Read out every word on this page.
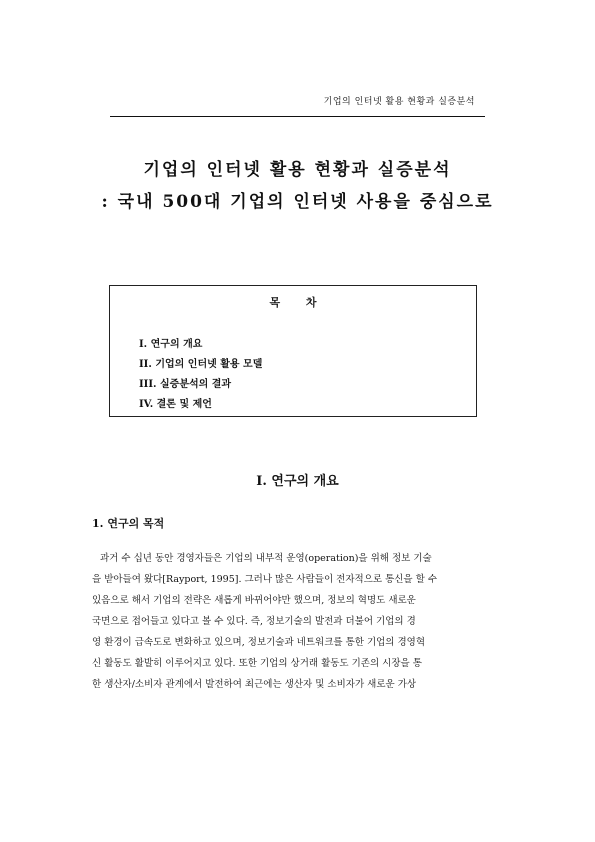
기업의 인터넷 활용 현황과 실증분석
기업의 인터넷 활용 현황과 실증분석
: 국내 500대 기업의 인터넷 사용을 중심으로
목 차
I. 연구의 개요
II. 기업의 인터넷 활용 모델
III. 실증분석의 결과
IV. 결론 및 제언
I. 연구의 개요
1. 연구의 목적
과거 수 십년 동안 경영자들은 기업의 내부적 운영(operation)을 위해 정보 기술
을 받아들여 왔다[Rayport, 1995]. 그러나 많은 사람들이 전자적으로 통신을 할 수
있음으로 해서 기업의 전략은 새롭게 바뀌어야만 했으며, 정보의 혁명도 새로운
국면으로 접어들고 있다고 볼 수 있다. 즉, 정보기술의 발전과 더불어 기업의 경
영 환경이 급속도로 변화하고 있으며, 정보기술과 네트워크를 통한 기업의 경영혁
신 활동도 활발히 이루어지고 있다. 또한 기업의 상거래 활동도 기존의 시장을 통
한 생산자/소비자 관계에서 발전하여 최근에는 생산자 및 소비자가 새로운 가상
